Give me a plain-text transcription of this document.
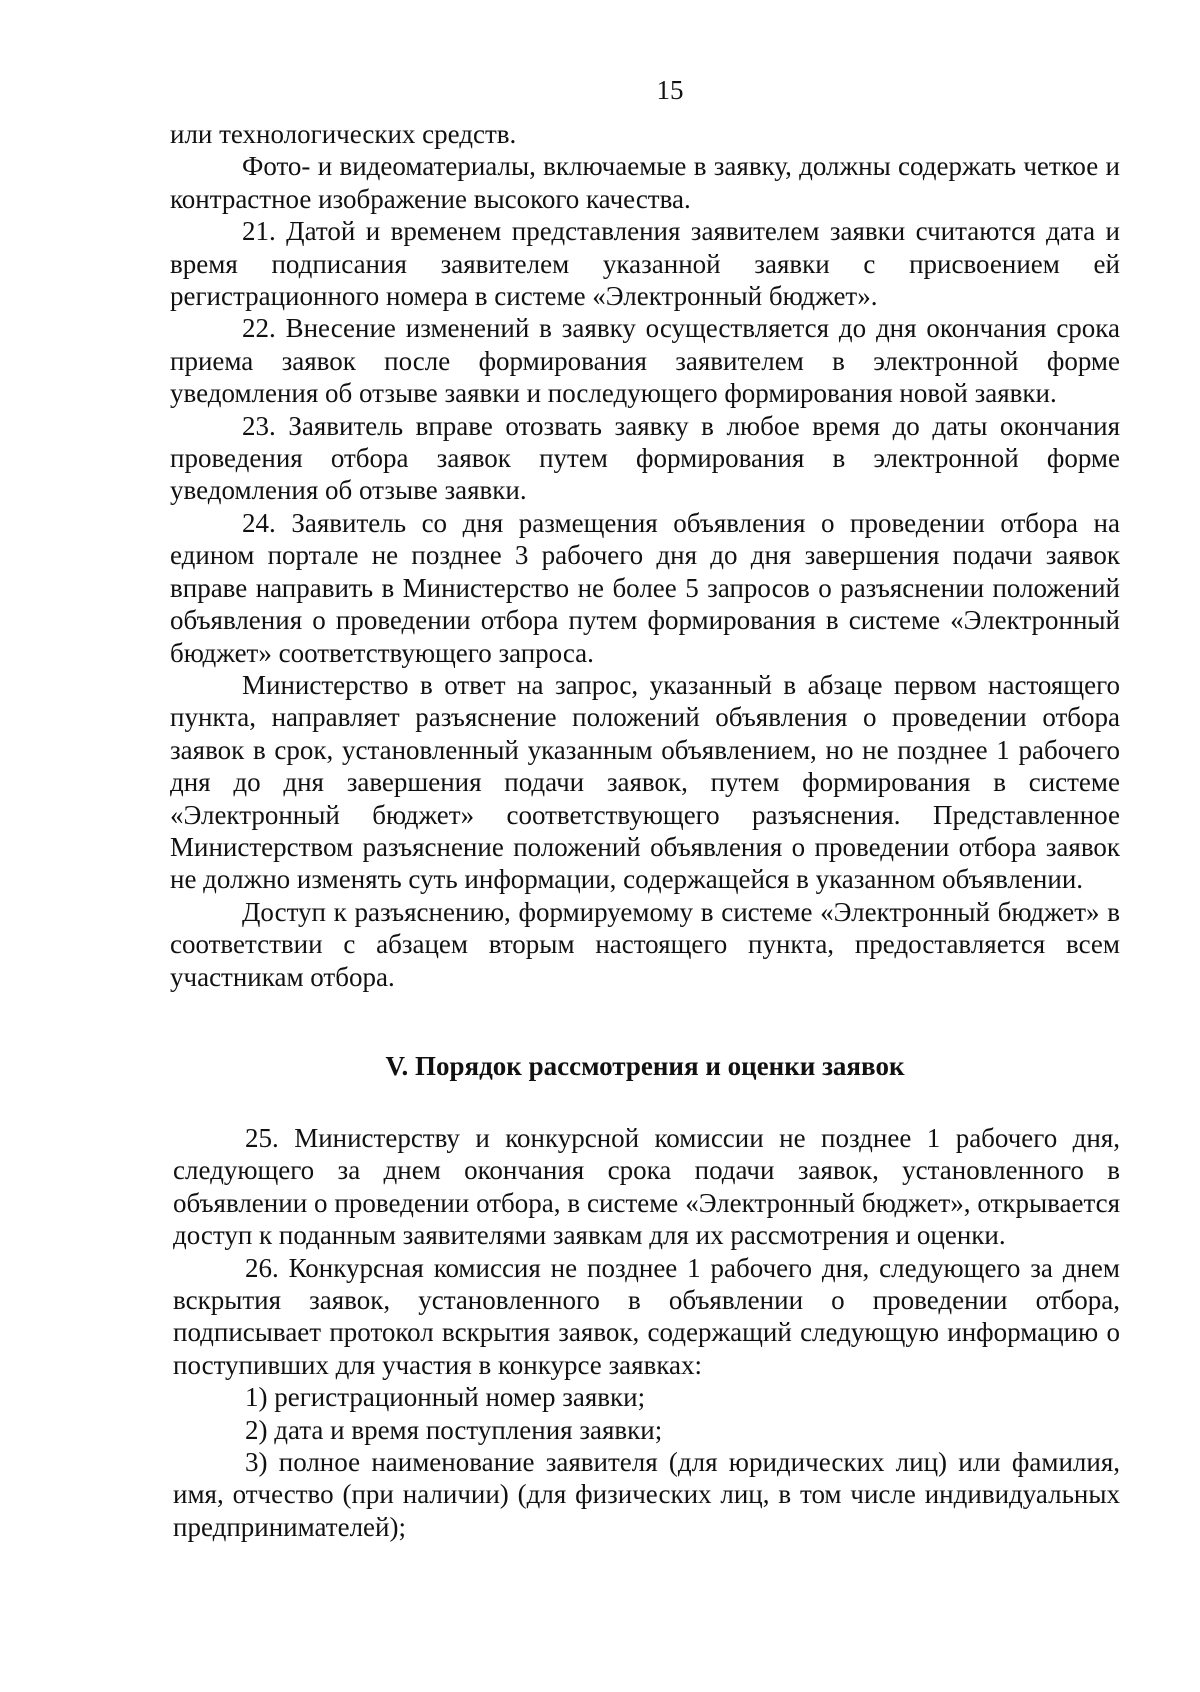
15

или технологических средств.

Фото- и видеоматериалы, включаемые в заявку, должны содержать четкое и контрастное изображение высокого качества.

21. Датой и временем представления заявителем заявки считаются дата и время подписания заявителем указанной заявки с присвоением ей регистрационного номера в системе «Электронный бюджет».

22. Внесение изменений в заявку осуществляется до дня окончания срока приема заявок после формирования заявителем в электронной форме уведомления об отзыве заявки и последующего формирования новой заявки.

23. Заявитель вправе отозвать заявку в любое время до даты окончания проведения отбора заявок путем формирования в электронной форме уведомления об отзыве заявки.

24. Заявитель со дня размещения объявления о проведении отбора на едином портале не позднее 3 рабочего дня до дня завершения подачи заявок вправе направить в Министерство не более 5 запросов о разъяснении положений объявления о проведении отбора путем формирования в системе «Электронный бюджет» соответствующего запроса.

Министерство в ответ на запрос, указанный в абзаце первом настоящего пункта, направляет разъяснение положений объявления о проведении отбора заявок в срок, установленный указанным объявлением, но не позднее 1 рабочего дня до дня завершения подачи заявок, путем формирования в системе «Электронный бюджет» соответствующего разъяснения. Представленное Министерством разъяснение положений объявления о проведении отбора заявок не должно изменять суть информации, содержащейся в указанном объявлении.

Доступ к разъяснению, формируемому в системе «Электронный бюджет» в соответствии с абзацем вторым настоящего пункта, предоставляется всем участникам отбора.

V. Порядок рассмотрения и оценки заявок

25. Министерству и конкурсной комиссии не позднее 1 рабочего дня, следующего за днем окончания срока подачи заявок, установленного в объявлении о проведении отбора, в системе «Электронный бюджет», открывается доступ к поданным заявителями заявкам для их рассмотрения и оценки.

26. Конкурсная комиссия не позднее 1 рабочего дня, следующего за днем вскрытия заявок, установленного в объявлении о проведении отбора, подписывает протокол вскрытия заявок, содержащий следующую информацию о поступивших для участия в конкурсе заявках:

1) регистрационный номер заявки;

2) дата и время поступления заявки;

3) полное наименование заявителя (для юридических лиц) или фамилия, имя, отчество (при наличии) (для физических лиц, в том числе индивидуальных предпринимателей);
